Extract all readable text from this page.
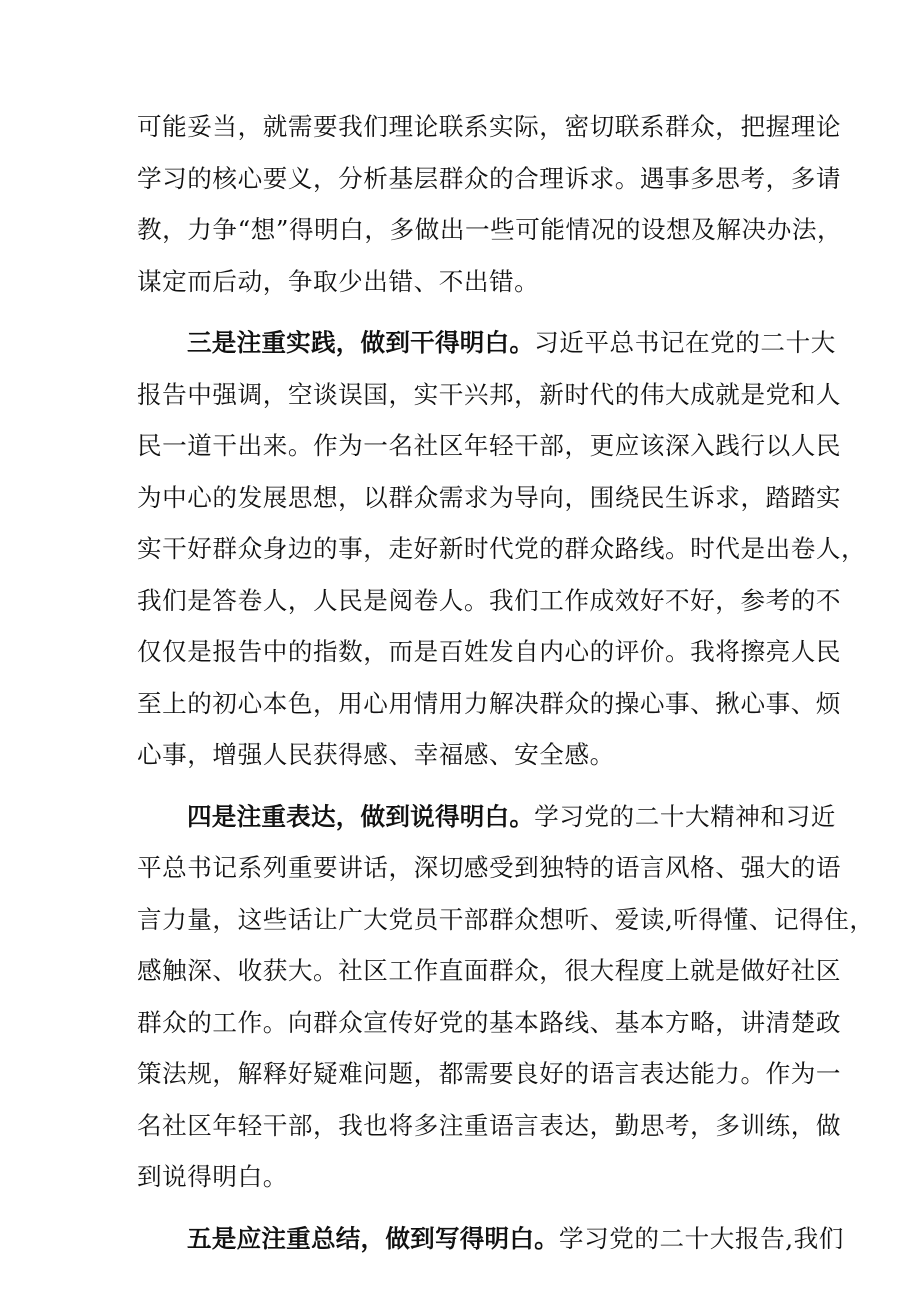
可能妥当，就需要我们理论联系实际，密切联系群众，把握理论
学习的核心要义，分析基层群众的合理诉求。遇事多思考，多请
教，力争“想”得明白，多做出一些可能情况的设想及解决办法，
谋定而后动，争取少出错、不出错。
三是注重实践，做到干得明白。习近平总书记在党的二十大
报告中强调，空谈误国，实干兴邦，新时代的伟大成就是党和人
民一道干出来。作为一名社区年轻干部，更应该深入践行以人民
为中心的发展思想，以群众需求为导向，围绕民生诉求，踏踏实
实干好群众身边的事，走好新时代党的群众路线。时代是出卷人，
我们是答卷人，人民是阅卷人。我们工作成效好不好，参考的不
仅仅是报告中的指数，而是百姓发自内心的评价。我将擦亮人民
至上的初心本色，用心用情用力解决群众的操心事、揪心事、烦
心事，增强人民获得感、幸福感、安全感。
四是注重表达，做到说得明白。学习党的二十大精神和习近
平总书记系列重要讲话，深切感受到独特的语言风格、强大的语
言力量，这些话让广大党员干部群众想听、爱读,听得懂、记得住，
感触深、收获大。社区工作直面群众，很大程度上就是做好社区
群众的工作。向群众宣传好党的基本路线、基本方略，讲清楚政
策法规，解释好疑难问题，都需要良好的语言表达能力。作为一
名社区年轻干部，我也将多注重语言表达，勤思考，多训练，做
到说得明白。
五是应注重总结，做到写得明白。学习党的二十大报告,我们
